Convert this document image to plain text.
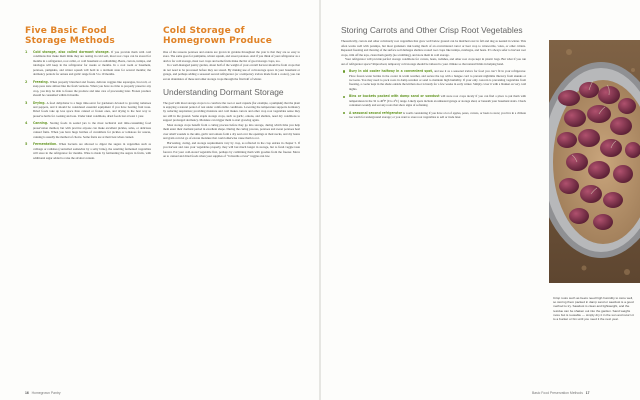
Five Basic Food Storage Methods
1 Cold storage, also called dormant storage. If you provide them with cold conditions that make them think they are resting in cold soil, most root crops can be stored for months in a refrigerator, root cellar, or cold basement or outbuilding. Beets, carrots, turnips, and rutabagas will keep in the refrigerator for weeks or months. In a cool room or basement, potatoes, pumpkins, and winter squash will hold in a dormant state for several months; the dormancy periods for onions and garlic range from 5 to 10 months.
2 Freezing. When properly blanched and frozen, delicate veggies like asparagus, broccoli, or snap peas taste almost like the fresh versions. When you have no time to properly preserve any crop, you may be able to freeze the produce and take care of processing later. Frozen produce should be consumed within 6 months.
3 Drying. A food dehydrator is a huge time-saver for gardeners devoted to growing tomatoes and peppers, and it should be considered essential equipment if you have bearing fruit trees. Dried foods take up less space than canned or frozen ones, and drying is the best way to preserve herbs for cooking and teas. Under ideal conditions, dried foods last at least 1 year.
4 Canning. Storing foods in sealed jars is the most technical and time-consuming food preservation method, but with practice anyone can make excellent pickles, salsa, or delicious canned fruits. When you have huge batches of cucumbers for pickles or tomatoes for sauces, canning is usually the method of choice. Some fruits are at their best when canned.
5 Fermentation. When bacteria are allowed to digest the sugars in vegetables such as cabbage or radishes (controlled somewhat by a salty brine), the resulting fermented vegetables will store in the refrigerator for months. Wine is made by fermenting the sugars in fruits, with additional sugar added to raise the alcohol content.
Cold Storage of Homegrown Produce

One of the reasons potatoes and onions are grown in gardens throughout the year is that they are so easy to store. The same goes for pumpkins, winter squash, and sweet potatoes. And if you think of your refrigerator as a device for cold storage, most root crops and some fruits make the list of good storage crops, too.

In a well-managed pantry garden, about half of the weight of your overall harvest should be from crops that do not need to be processed before they are stored. By making use of cold-storage space in your basement or garage, and perhaps adding a seasonal second refrigerator (or a temporary icebox made from a cooler), you can eat an abundance of these and other storage crops through the first half of winter.

Understanding Dormant Storage

The goal with most storage crops is to convince the root or seed capsule (for example, a pumpkin) that the plant is enjoying a natural period of rest under comfortable conditions. Lowering the temperature supports dormancy by reducing respiration; providing moisture and cold makes carrots and other crop root vegetables sense they are still in the ground. Some staple storage crops, such as garlic, onions, and shallots, need dry conditions to support prolonged dormancy. Moisture can trigger them to start growing again.

Most storage crops benefit from a curing process before they go into storage, during which time you help them enter their dormant period in excellent shape. During the curing process, potatoes and sweet potatoes heal over small wounds to the skin, garlic and onions form a dry seal over the openings at their necks, and dry beans and grain corn let go of excess moisture that could otherwise cause them to rot.

Harvesting, curing, and storage requirements vary by crop, as reflected in the crop entries in chapter 5. If you harvest and cure your vegetables properly, they will last much longer in storage, but to fresh veggie taste forever. Eat your cold-stored vegetable first, perhaps by combining them with goodies from the freezer. Move on to canned and dried foods when your supplies of “6 months or less” veggies run low.

16 Homegrown Pantry
Storing Carrots and Other Crisp Root Vegetables

Theoretically, carrots and other cold-hardy root vegetables that grow well below ground can be mulched over in fall and dug as needed in winter. This often works well with parsnips, but most gardeners risk losing much of an overwintered carrot or beet crop to wireworms, voles, or other critters. Repeated freezing and thawing of the surface soil damages shallow-rooted root crops like turnips, rutabagas, and beets. It’s always safer to harvest root crops, trim off the tops, clean them gently (no scrubbing), and store them in cold storage.

Your refrigerator will provide perfect storage conditions for carrots, beets, radishes, and other root crops kept in plastic bags. But what if you run out of refrigerator space? Improvised, temporary cold storage should be tailored to your climate so that natural limits in helping hand.

Bury in old cooler halfway in a convenient spot, and use it as a seasonal icebox for food you can’t fit in your refrigerator. Place frozen water bottles in the cooler in warm weather, and secure the top with a bungee cord to prevent nighttime thievery from skunks or raccoons. You may need to pack roots in damp sawdust or sand to maintain high humidity. If your only concern is preventing vegetables from freezing, a cooler kept in the shade outside the kitchen door is handy for a few weeks in early winter. Simply cover it with a blanket on very cold nights.
Bins or buckets packed with damp sand or sawdust will store root crops nicely if you can find a place to put them with temperatures in the 32 to 40°F (0 to 4°C) range. Likely spots include an unheated garage or storage shed, or beneath your basement stairs. Check containers weekly and eat any roots that show signs of softening.
A seasonal second refrigerator is worth considering if you have a lot of apples, pears, carrots, or beets to store; you live in a climate too warm for underground storage; or you want to store root vegetables to sell or trade later.
Basic Food Preservation Methods 17
Crisp roots such as beets need high humidity to store well, so storing them packed in damp sand or sawdust is a good method to try. Sawdust is clean and lightweight, and the residue can be shaken out into the garden. Sand weighs more but is reusable — simply dry it in the sun and return it to a bucket or bin until you need it the next year.
